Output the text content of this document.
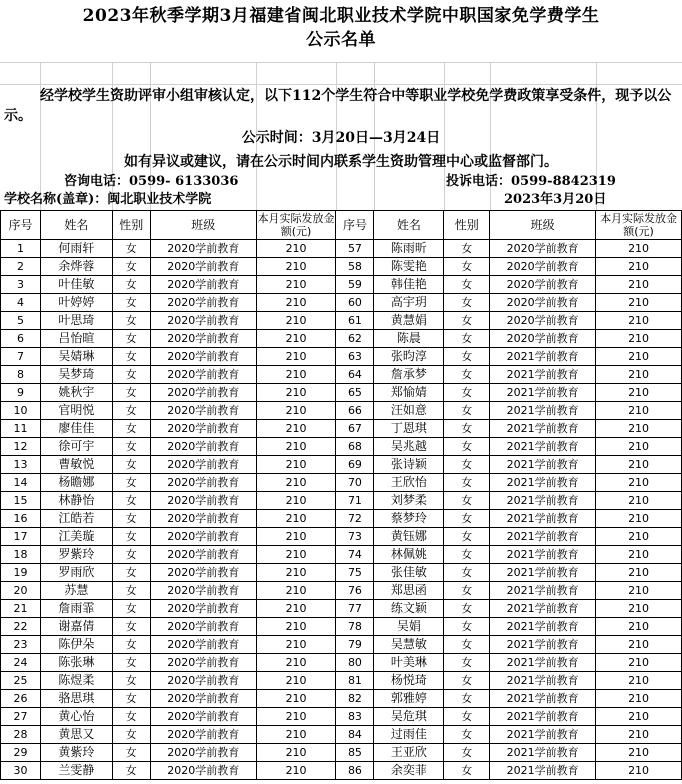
2023年秋季学期3月福建省闽北职业技术学院中职国家免学费学生
公示名单
经学校学生资助评审小组审核认定，以下112个学生符合中等职业学校免学费政策享受条件，现予以公示。
公示时间：3月20日—3月24日
如有异议或建议，请在公示时间内联系学生资助管理中心或监督部门。
咨询电话：0599- 6133036	投诉电话：0599-8842319
学校名称(盖章)：闽北职业技术学院	2023年3月20日
序号	姓名	性别	班级	本月实际发放金额(元)	序号	姓名	性别	班级	本月实际发放金额(元)
1	何雨轩	女	2020学前教育	210	57	陈雨昕	女	2020学前教育	210
2	余烨蓉	女	2020学前教育	210	58	陈雯艳	女	2020学前教育	210
3	叶佳敏	女	2020学前教育	210	59	韩佳艳	女	2020学前教育	210
4	叶婷婷	女	2020学前教育	210	60	高宇玥	女	2020学前教育	210
5	叶思琦	女	2020学前教育	210	61	黄慧娟	女	2020学前教育	210
6	吕怡暄	女	2020学前教育	210	62	陈晨	女	2020学前教育	210
7	吴婧琳	女	2020学前教育	210	63	张昀淳	女	2021学前教育	210
8	吴梦琦	女	2020学前教育	210	64	詹承梦	女	2021学前教育	210
9	姚秋宇	女	2020学前教育	210	65	郑愉婧	女	2021学前教育	210
10	官明悦	女	2020学前教育	210	66	汪如意	女	2021学前教育	210
11	廖佳佳	女	2020学前教育	210	67	丁恩琪	女	2021学前教育	210
12	徐可宇	女	2020学前教育	210	68	吴兆越	女	2021学前教育	210
13	曹敏悦	女	2020学前教育	210	69	张诗颖	女	2021学前教育	210
14	杨瞻娜	女	2020学前教育	210	70	王欣怡	女	2021学前教育	210
15	林静怡	女	2020学前教育	210	71	刘梦柔	女	2021学前教育	210
16	江皓若	女	2020学前教育	210	72	蔡梦玲	女	2021学前教育	210
17	江美璇	女	2020学前教育	210	73	黄钰娜	女	2021学前教育	210
18	罗紫玲	女	2020学前教育	210	74	林佩姚	女	2021学前教育	210
19	罗雨欣	女	2020学前教育	210	75	张佳敏	女	2021学前教育	210
20	苏慧	女	2020学前教育	210	76	郑思函	女	2021学前教育	210
21	詹雨霏	女	2020学前教育	210	77	练文颖	女	2021学前教育	210
22	谢嘉倩	女	2020学前教育	210	78	吴娟	女	2021学前教育	210
23	陈伊朵	女	2020学前教育	210	79	吴慧敏	女	2021学前教育	210
24	陈张琳	女	2020学前教育	210	80	叶美琳	女	2021学前教育	210
25	陈煜柔	女	2020学前教育	210	81	杨悦琦	女	2021学前教育	210
26	骆思琪	女	2020学前教育	210	82	郭雅婷	女	2021学前教育	210
27	黄心怡	女	2020学前教育	210	83	吴危琪	女	2021学前教育	210
28	黄思又	女	2020学前教育	210	84	过雨佳	女	2021学前教育	210
29	黄紫玲	女	2020学前教育	210	85	王亚欣	女	2021学前教育	210
30	兰雯静	女	2020学前教育	210	86	余奕菲	女	2021学前教育	210
